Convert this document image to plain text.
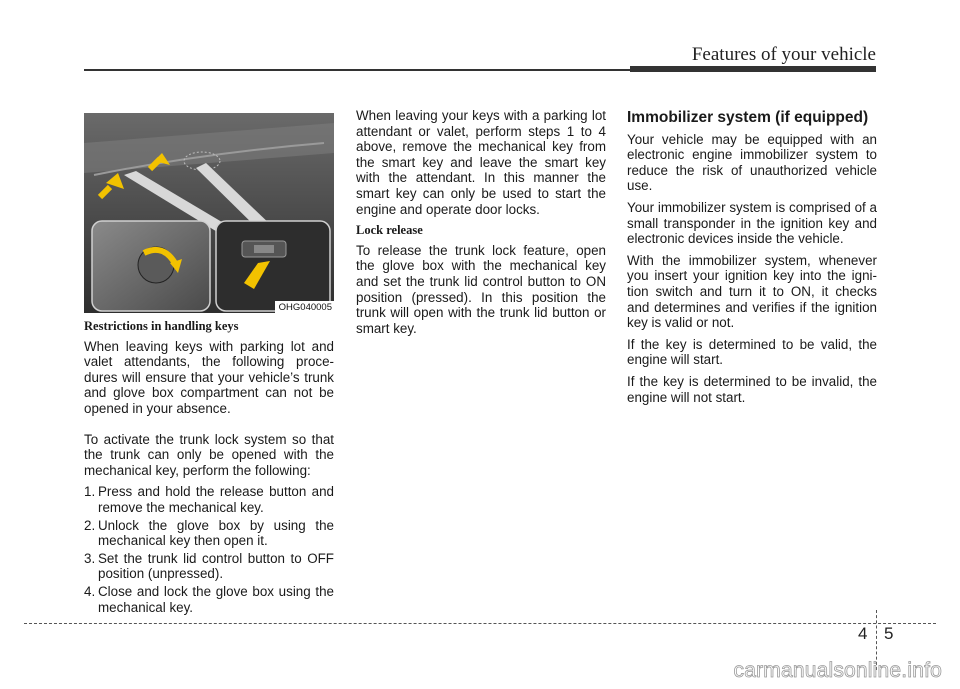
Features of your vehicle
OHG040005
Restrictions in handling keys

When leaving keys with parking lot and valet attendants, the following proce-dures will ensure that your vehicle’s trunk and glove box compartment can not be opened in your absence.

To activate the trunk lock system so that the trunk can only be opened with the mechanical key, perform the following:

1. Press and hold the release button and remove the mechanical key.
2. Unlock the glove box by using the mechanical key then open it.
3. Set the trunk lid control button to OFF position (unpressed).
4. Close and lock the glove box using the mechanical key.

When leaving your keys with a parking lot attendant or valet, perform steps 1 to 4 above, remove the mechanical key from the smart key and leave the smart key with the attendant. In this manner the smart key can only be used to start the engine and operate door locks.

Lock release

To release the trunk lock feature, open the glove box with the mechanical key and set the trunk lid control button to ON position (pressed). In this position the trunk will open with the trunk lid button or smart key.

Immobilizer system (if equipped)

Your vehicle may be equipped with an electronic engine immobilizer system to reduce the risk of unauthorized vehicle use.

Your immobilizer system is comprised of a small transponder in the ignition key and electronic devices inside the vehicle.

With the immobilizer system, whenever you insert your ignition key into the igni-tion switch and turn it to ON, it checks and determines and verifies if the ignition key is valid or not.

If the key is determined to be valid, the engine will start.

If the key is determined to be invalid, the engine will not start.

4 5
carmanualsonline.info
